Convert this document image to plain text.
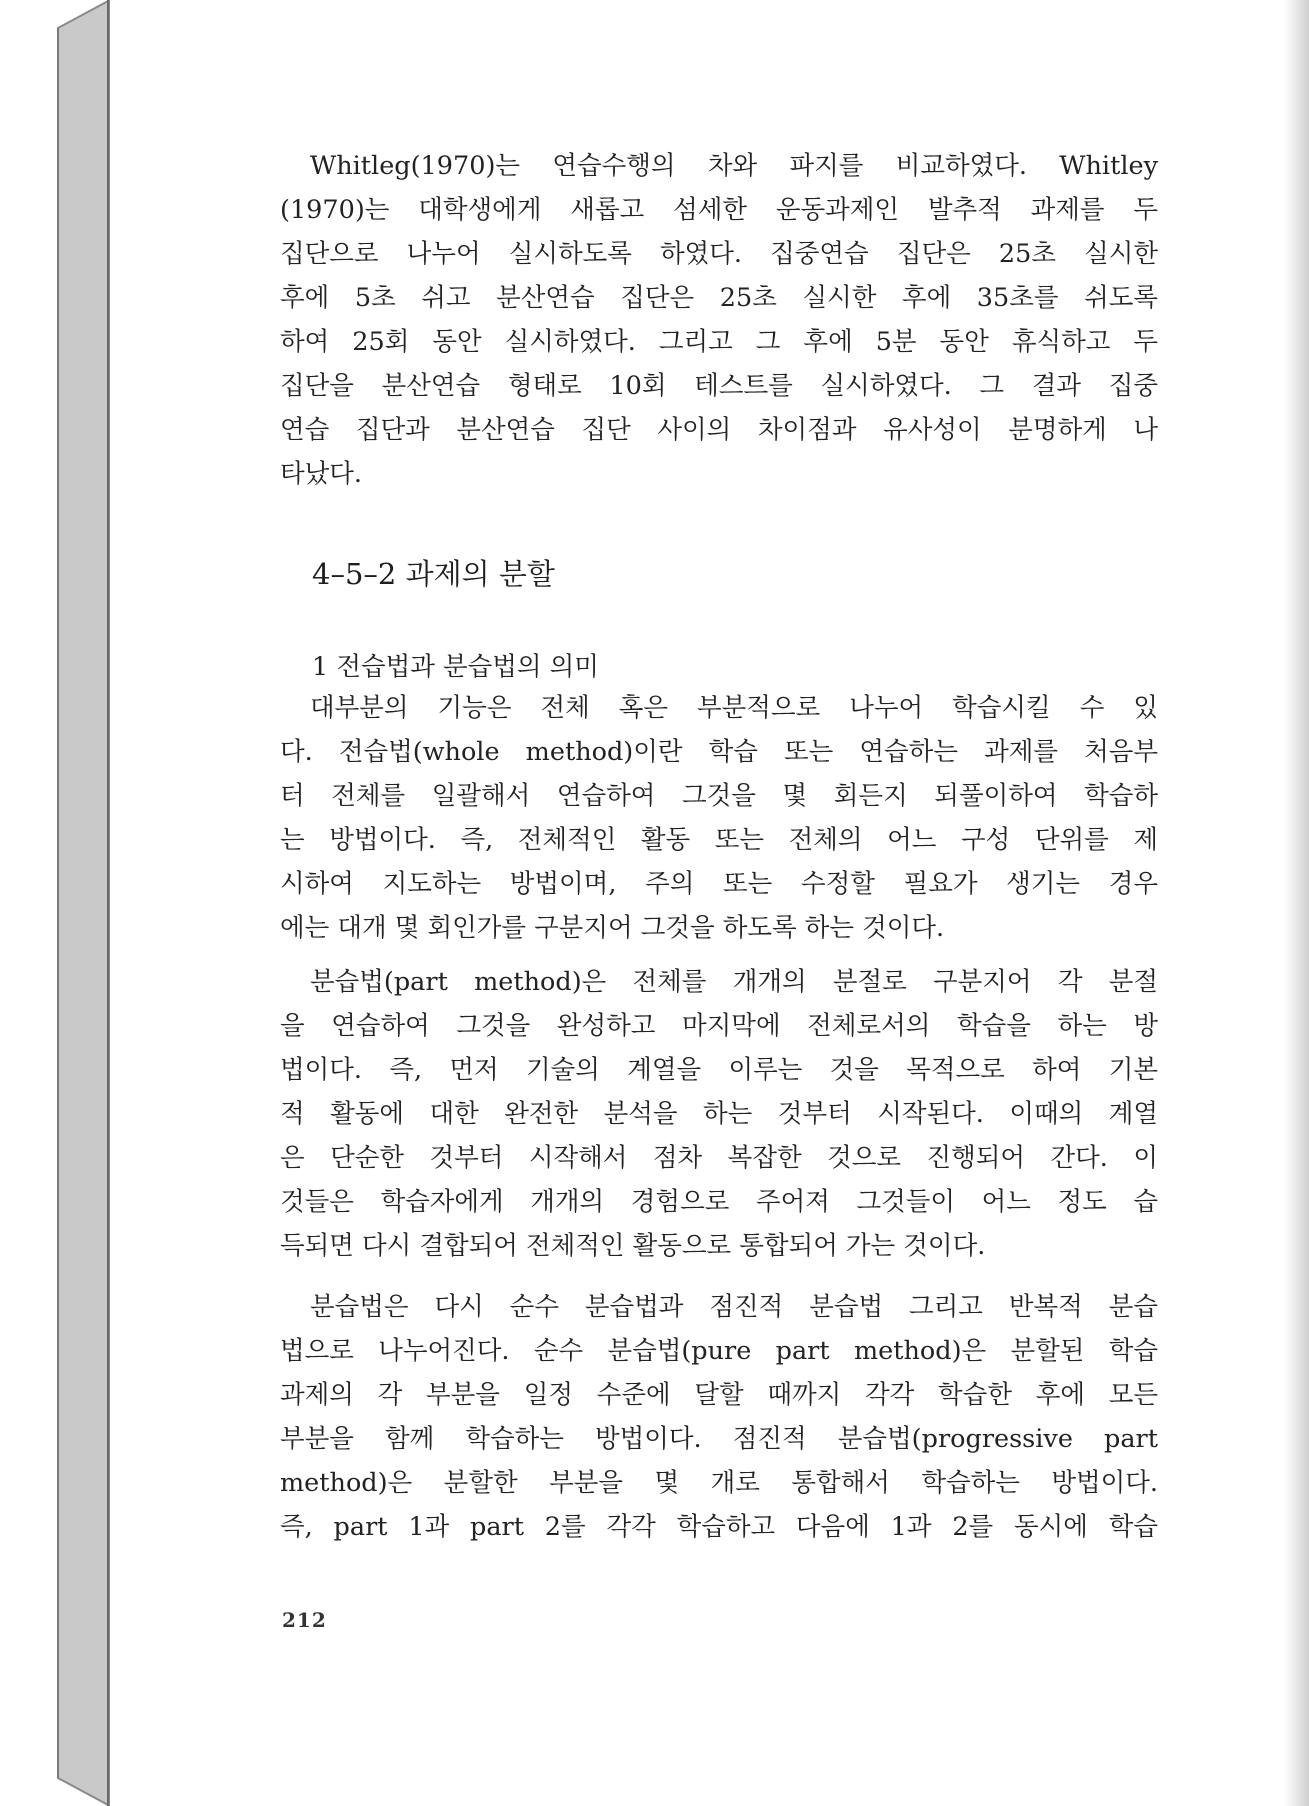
Whitleg(1970)는 연습수행의 차와 파지를 비교하였다. Whitley
(1970)는 대학생에게 새롭고 섬세한 운동과제인 발추적 과제를 두
집단으로 나누어 실시하도록 하였다. 집중연습 집단은 25초 실시한
후에 5초 쉬고 분산연습 집단은 25초 실시한 후에 35초를 쉬도록
하여 25회 동안 실시하였다. 그리고 그 후에 5분 동안 휴식하고 두
집단을 분산연습 형태로 10회 테스트를 실시하였다. 그 결과 집중
연습 집단과 분산연습 집단 사이의 차이점과 유사성이 분명하게 나
타났다.
4–5–2 과제의 분할
1 전습법과 분습법의 의미
대부분의 기능은 전체 혹은 부분적으로 나누어 학습시킬 수 있
다. 전습법(whole method)이란 학습 또는 연습하는 과제를 처음부
터 전체를 일괄해서 연습하여 그것을 몇 회든지 되풀이하여 학습하
는 방법이다. 즉, 전체적인 활동 또는 전체의 어느 구성 단위를 제
시하여 지도하는 방법이며, 주의 또는 수정할 필요가 생기는 경우
에는 대개 몇 회인가를 구분지어 그것을 하도록 하는 것이다.
분습법(part method)은 전체를 개개의 분절로 구분지어 각 분절
을 연습하여 그것을 완성하고 마지막에 전체로서의 학습을 하는 방
법이다. 즉, 먼저 기술의 계열을 이루는 것을 목적으로 하여 기본
적 활동에 대한 완전한 분석을 하는 것부터 시작된다. 이때의 계열
은 단순한 것부터 시작해서 점차 복잡한 것으로 진행되어 간다. 이
것들은 학습자에게 개개의 경험으로 주어져 그것들이 어느 정도 습
득되면 다시 결합되어 전체적인 활동으로 통합되어 가는 것이다.
분습법은 다시 순수 분습법과 점진적 분습법 그리고 반복적 분습
법으로 나누어진다. 순수 분습법(pure part method)은 분할된 학습
과제의 각 부분을 일정 수준에 달할 때까지 각각 학습한 후에 모든
부분을 함께 학습하는 방법이다. 점진적 분습법(progressive part
method)은 분할한 부분을 몇 개로 통합해서 학습하는 방법이다.
즉, part 1과 part 2를 각각 학습하고 다음에 1과 2를 동시에 학습
212
